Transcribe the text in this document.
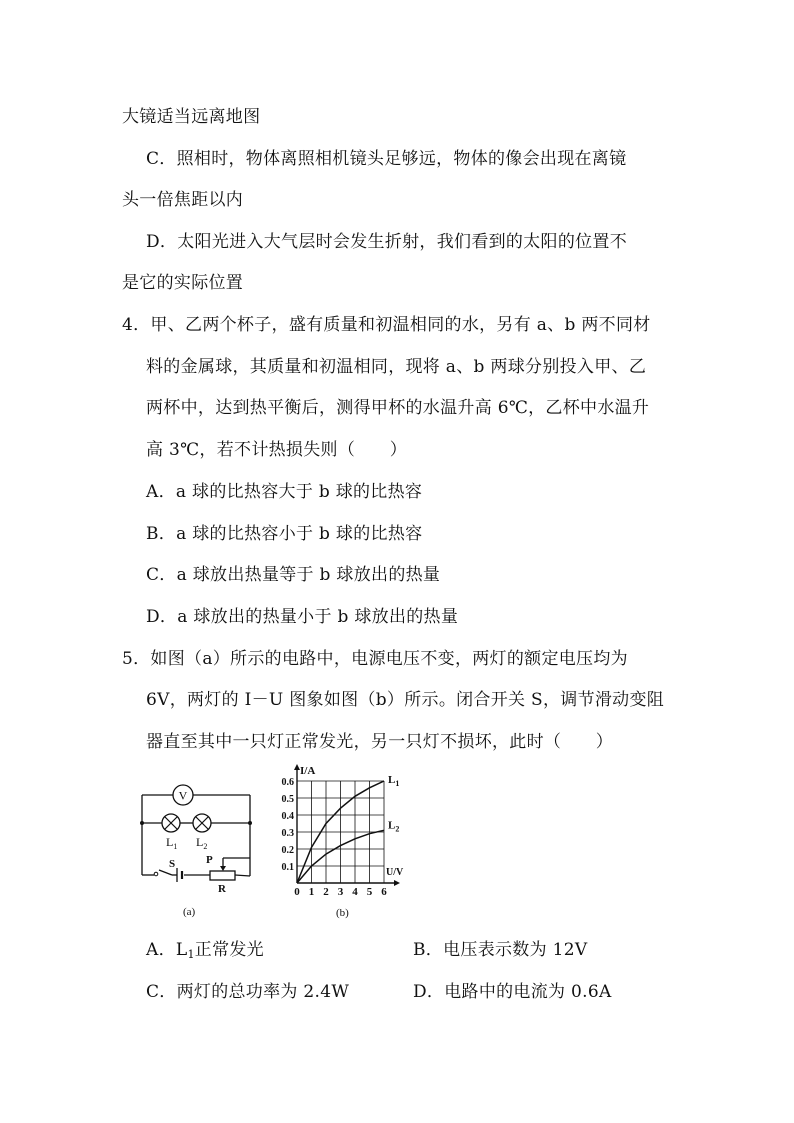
大镜适当远离地图
C．照相时，物体离照相机镜头足够远，物体的像会出现在离镜
头一倍焦距以内
D．太阳光进入大气层时会发生折射，我们看到的太阳的位置不
是它的实际位置
4．甲、乙两个杯子，盛有质量和初温相同的水，另有 a、b 两不同材
料的金属球，其质量和初温相同，现将 a、b 两球分别投入甲、乙
两杯中，达到热平衡后，测得甲杯的水温升高 6℃，乙杯中水温升
高 3℃，若不计热损失则（　　）
A．a 球的比热容大于 b 球的比热容
B．a 球的比热容小于 b 球的比热容
C．a 球放出热量等于 b 球放出的热量
D．a 球放出的热量小于 b 球放出的热量
5．如图（a）所示的电路中，电源电压不变，两灯的额定电压均为
6V，两灯的 I－U 图象如图（b）所示。闭合开关 S，调节滑动变阻
器直至其中一只灯正常发光，另一只灯不损坏，此时（　　）
V
$L_1$ $L_2$
S	P
R
(a)
$L_1$
$L_2$
0 1 2 3 4 5 6
0.1
0.2
0.3
0.4
0.5
0.6
I/A
U/V
(b)
A．$L_1$正常发光	B．电压表示数为 12V
C．两灯的总功率为 2.4W	D．电路中的电流为 0.6A
